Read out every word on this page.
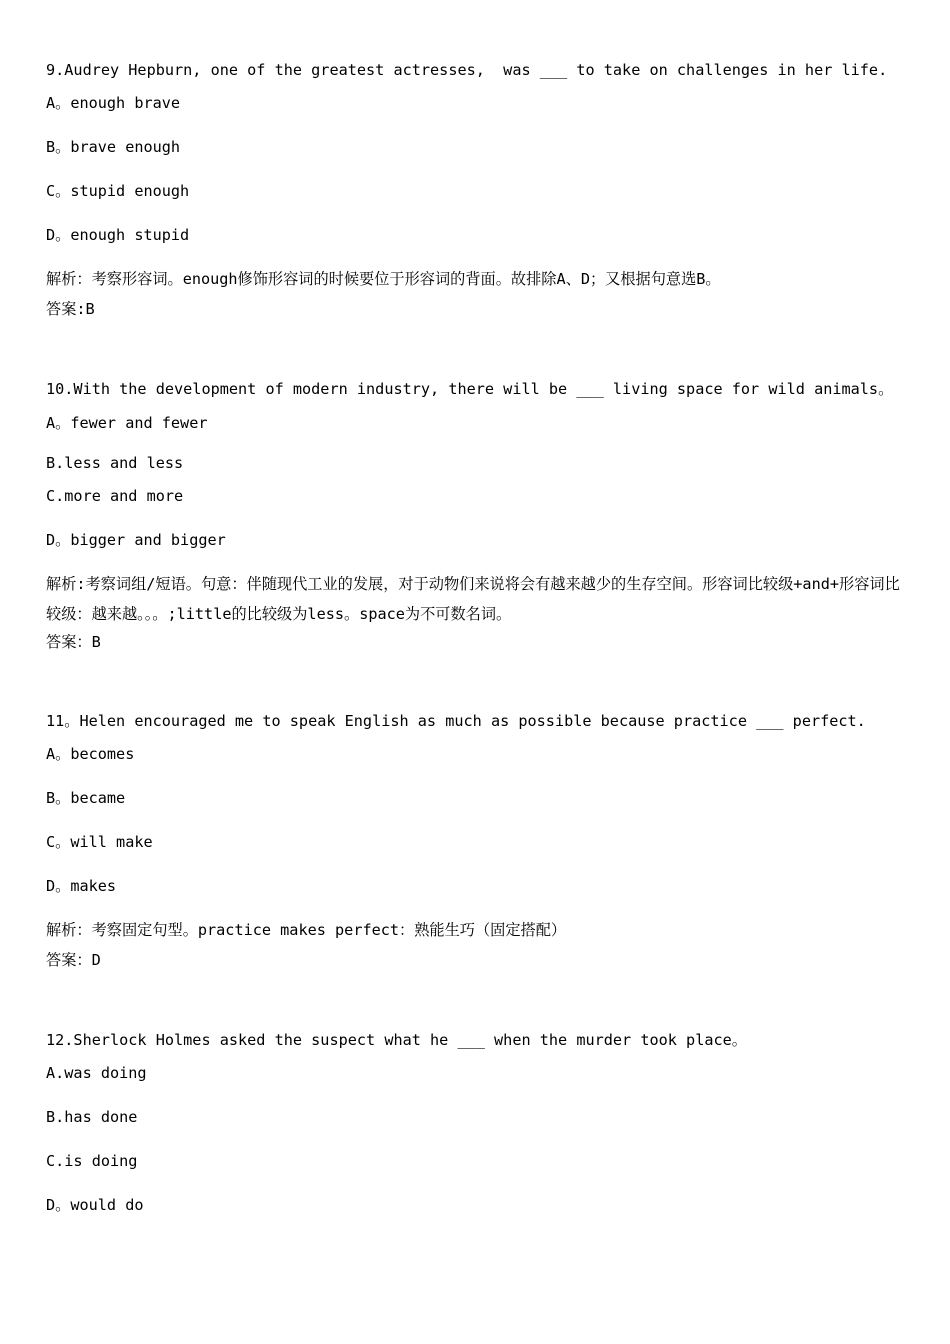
9.Audrey Hepburn, one of the greatest actresses,  was ___ to take on challenges in her life.
A。enough brave
B。brave enough
C。stupid enough
D。enough stupid
解析：考察形容词。enough修饰形容词的时候要位于形容词的背面。故排除A、D；又根据句意选B。
答案:B
10.With the development of modern industry, there will be ___ living space for wild animals。
A。fewer and fewer
B.less and less
C.more and more
D。bigger and bigger
解析:考察词组/短语。句意：伴随现代工业的发展，对于动物们来说将会有越来越少的生存空间。形容词比较级+and+形容词比较级：越来越。。。;little的比较级为less。space为不可数名词。
答案：B
11。Helen encouraged me to speak English as much as possible because practice ___ perfect.
A。becomes
B。became
C。will make
D。makes
解析：考察固定句型。practice makes perfect：熟能生巧（固定搭配）
答案：D
12.Sherlock Holmes asked the suspect what he ___ when the murder took place。
A.was doing
B.has done
C.is doing
D。would do
